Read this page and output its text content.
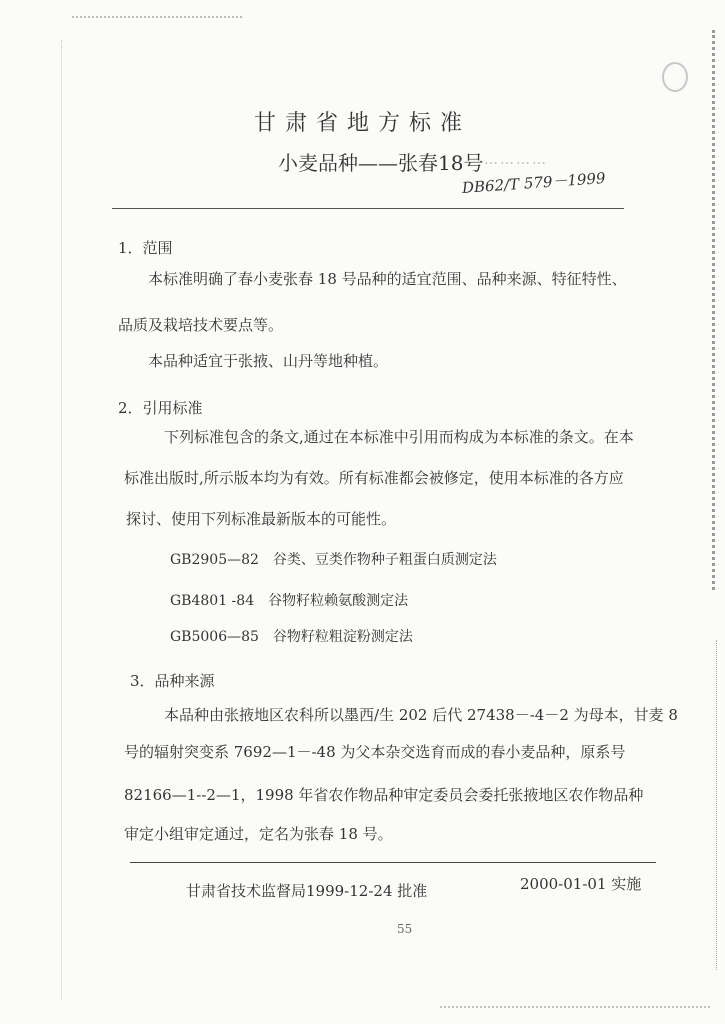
甘肃省地方标准
小麦品种——张春18号 …………
DB62/T 579－1999
1．范围
本标准明确了春小麦张春 18 号品种的适宜范围、品种来源、特征特性、
品质及栽培技术要点等。
本品种适宜于张掖、山丹等地种植。
2．引用标准
下列标准包含的条文,通过在本标准中引用而构成为本标准的条文。在本
标准出版时,所示版本均为有效。所有标准都会被修定，使用本标准的各方应
探讨、使用下列标准最新版本的可能性。
GB2905—82　谷类、豆类作物种子粗蛋白质测定法
GB4801 -84　谷物籽粒赖氨酸测定法
GB5006—85　谷物籽粒粗淀粉测定法
3．品种来源
本品种由张掖地区农科所以墨西/生 202 后代 27438－-4－2 为母本，甘麦 8
号的辐射突变系 7692—1－-48 为父本杂交选育而成的春小麦品种，原系号
82166—1--2—1，1998 年省农作物品种审定委员会委托张掖地区农作物品种
审定小组审定通过，定名为张春 18 号。
甘肃省技术监督局1999-12-24 批准	2000-01-01 实施
55
